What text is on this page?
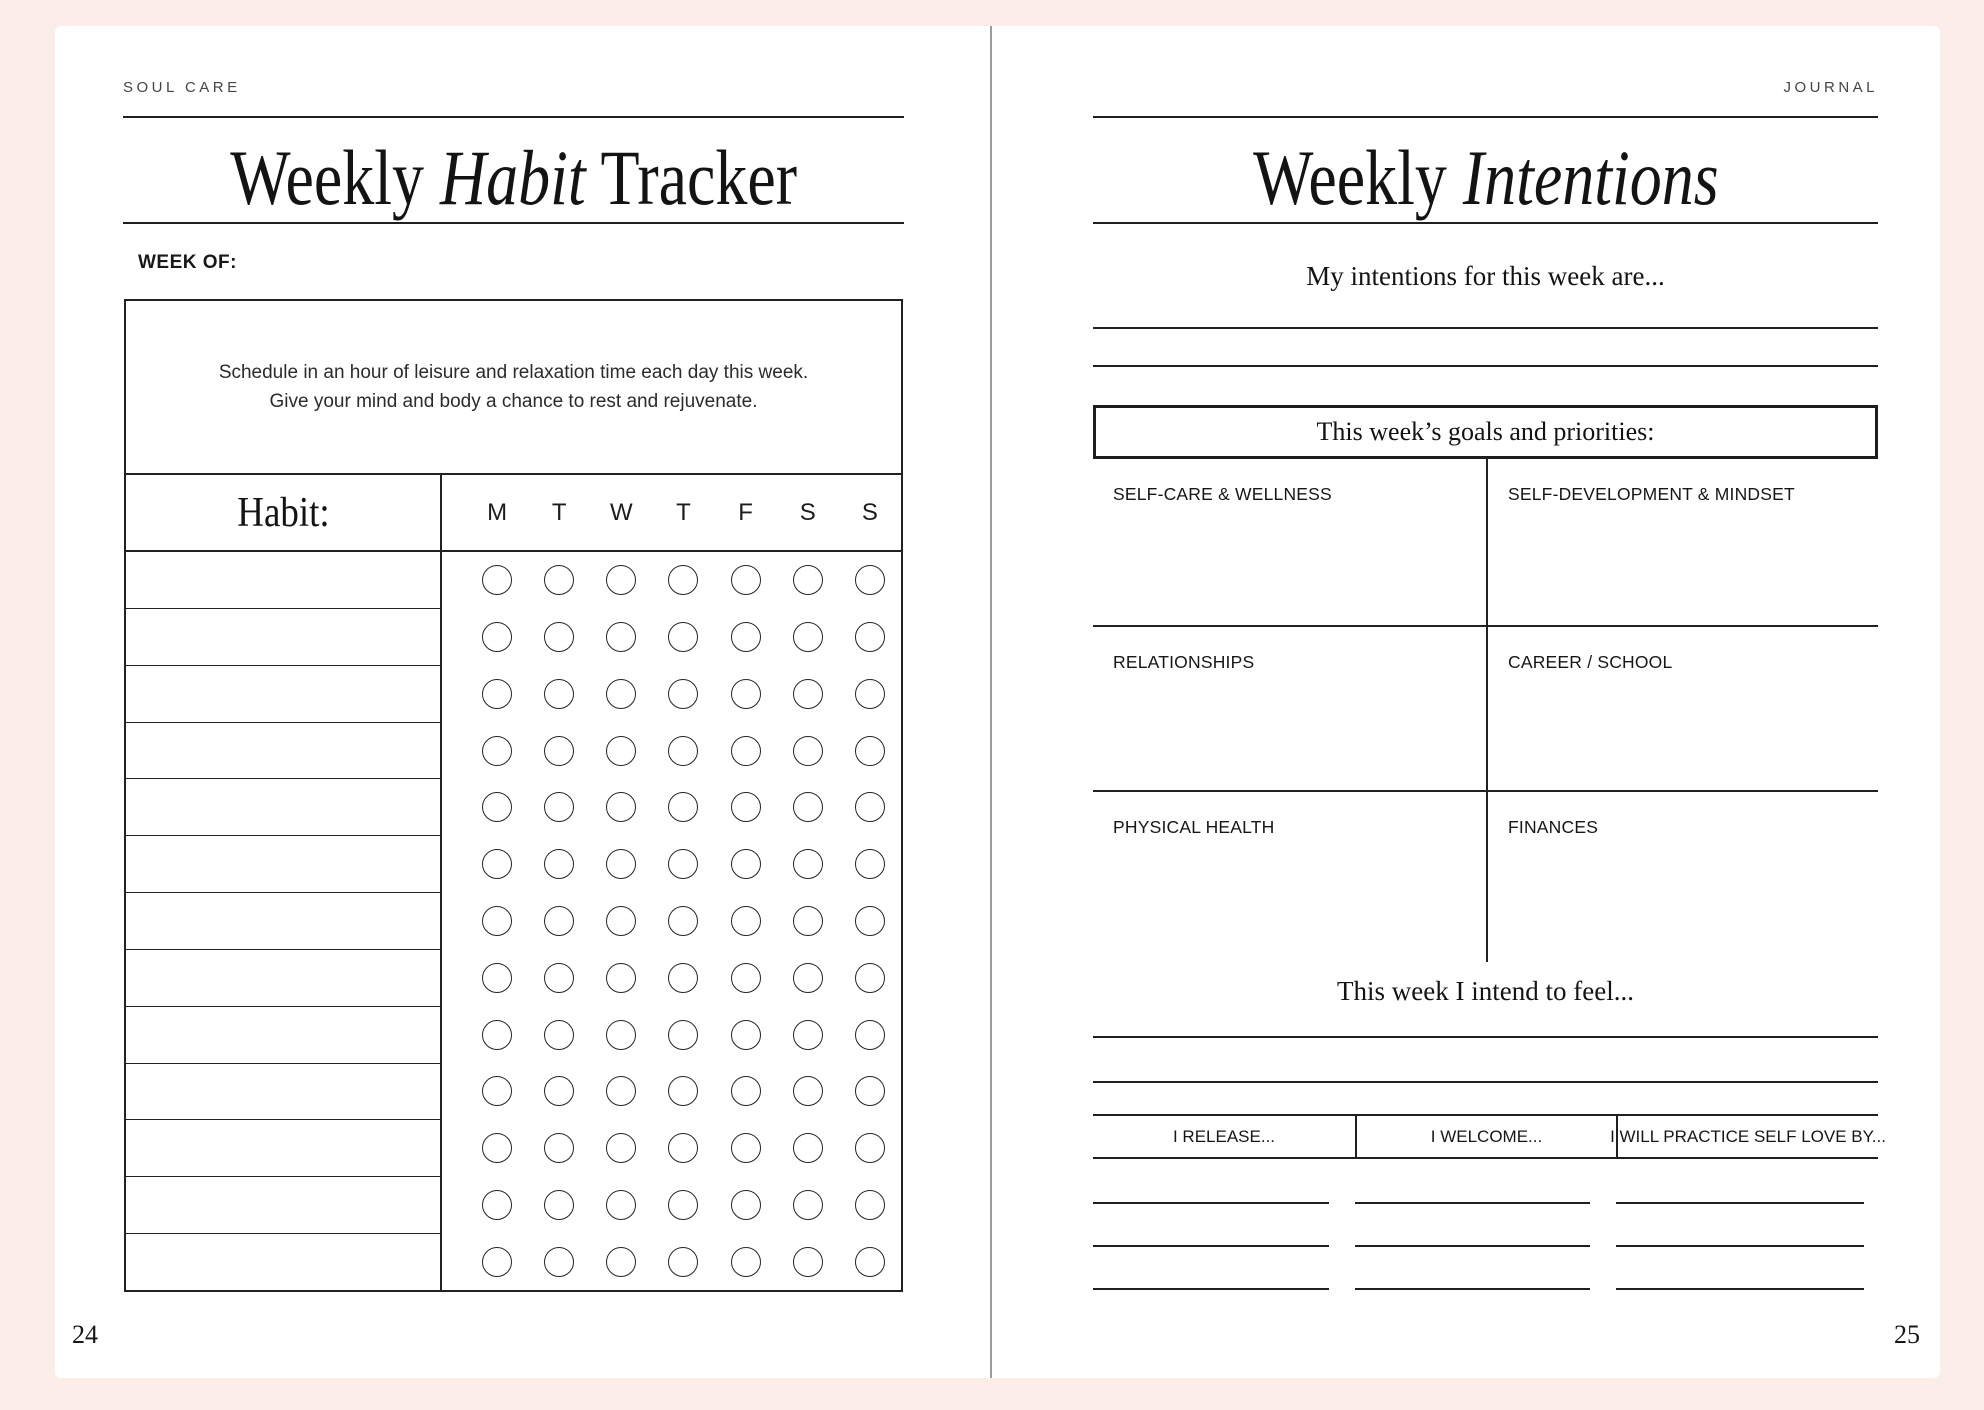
SOUL CARE
Weekly Habit Tracker
WEEK OF:
Schedule in an hour of leisure and relaxation time each day this week.
Give your mind and body a chance to rest and rejuvenate.
Habit:	M	T	W	T	F	S	S
24
JOURNAL
Weekly Intentions
My intentions for this week are...
This week’s goals and priorities:
SELF-CARE & WELLNESS	SELF-DEVELOPMENT & MINDSET
RELATIONSHIPS	CAREER / SCHOOL
PHYSICAL HEALTH	FINANCES
This week I intend to feel...
I RELEASE...	I WELCOME...	I WILL PRACTICE SELF LOVE BY...
25
